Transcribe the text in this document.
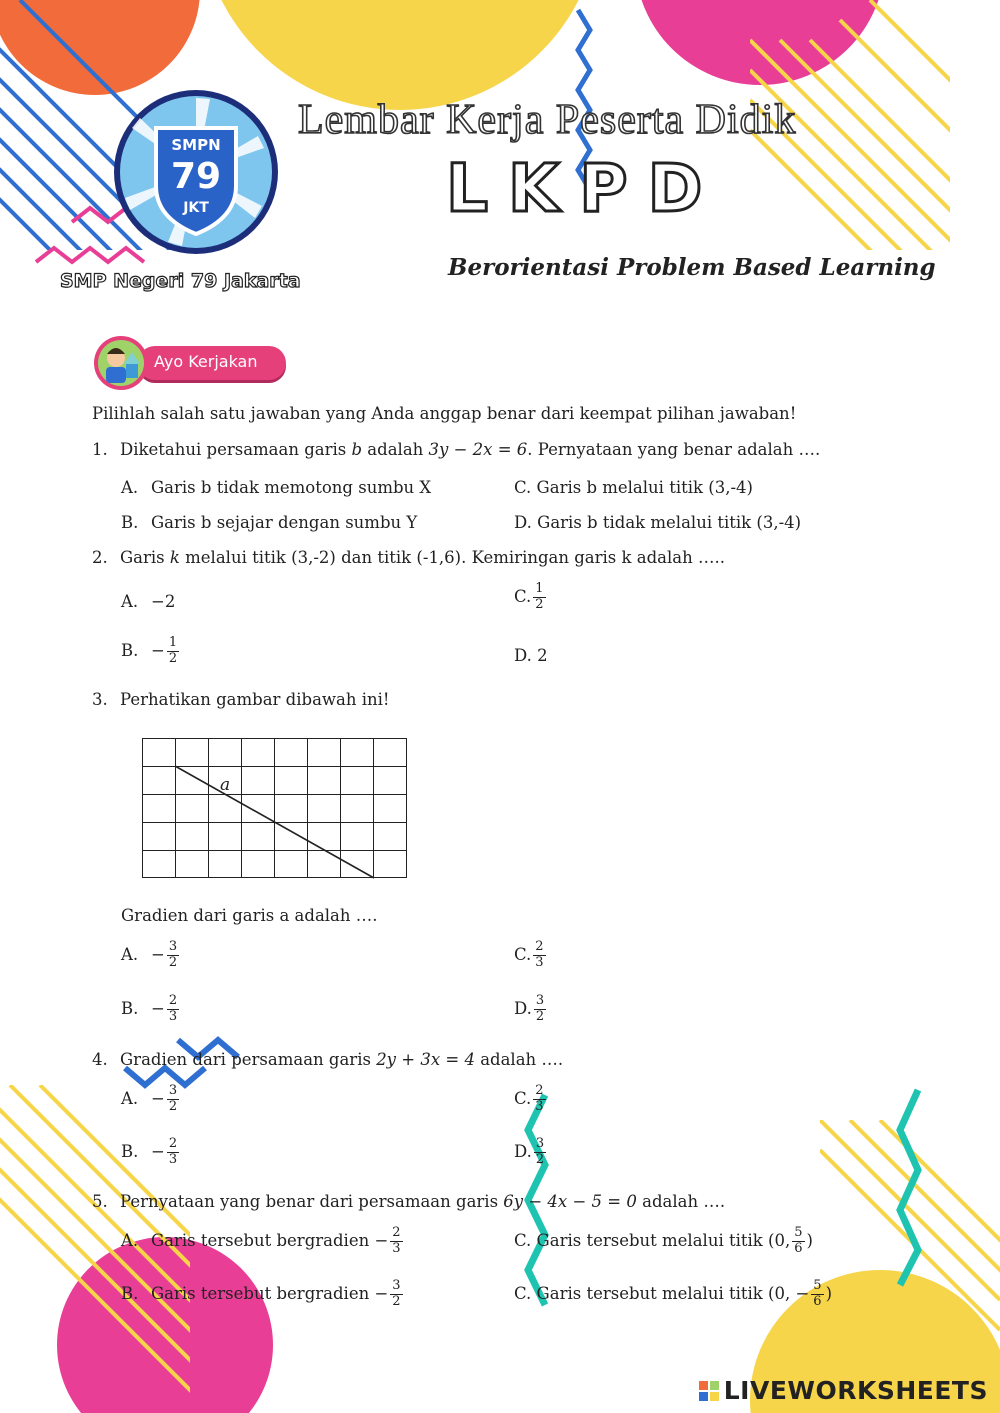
SMPN
79
JKT
Lembar Kerja Peserta Didik
LKPD
Berorientasi Problem Based Learning
SMP Negeri 79 Jakarta
Ayo Kerjakan
Pilihlah salah satu jawaban yang Anda anggap benar dari keempat pilihan jawaban!
1. Diketahui persamaan garis b adalah 3y − 2x = 6. Pernyataan yang benar adalah ….
A. Garis b tidak memotong sumbu X	C. Garis b melalui titik (3,-4)
B. Garis b sejajar dengan sumbu Y	D. Garis b tidak melalui titik (3,-4)
2. Garis k melalui titik (3,-2) dan titik (-1,6). Kemiringan garis k adalah …..
A. −2	C. $\frac{1}{2}$
B. − $\frac{1}{2}$	D. 2
3. Perhatikan gambar dibawah ini!
a
Gradien dari garis a adalah ….
A. − $\frac{3}{2}$	C. $\frac{2}{3}$
B. − $\frac{2}{3}$	D. $\frac{3}{2}$
4. Gradien dari persamaan garis 2y + 3x = 4 adalah ….
A. − $\frac{3}{2}$	C. $\frac{2}{3}$
B. − $\frac{2}{3}$	D. $\frac{3}{2}$
5. Pernyataan yang benar dari persamaan garis 6y − 4x − 5 = 0 adalah ….
A. Garis tersebut bergradien − $\frac{2}{3}$	C. Garis tersebut melalui titik (0, $\frac{5}{6}$ )
B. Garis tersebut bergradien − $\frac{3}{2}$	C. Garis tersebut melalui titik (0, − $\frac{5}{6}$ )
LIVEWORKSHEETS
